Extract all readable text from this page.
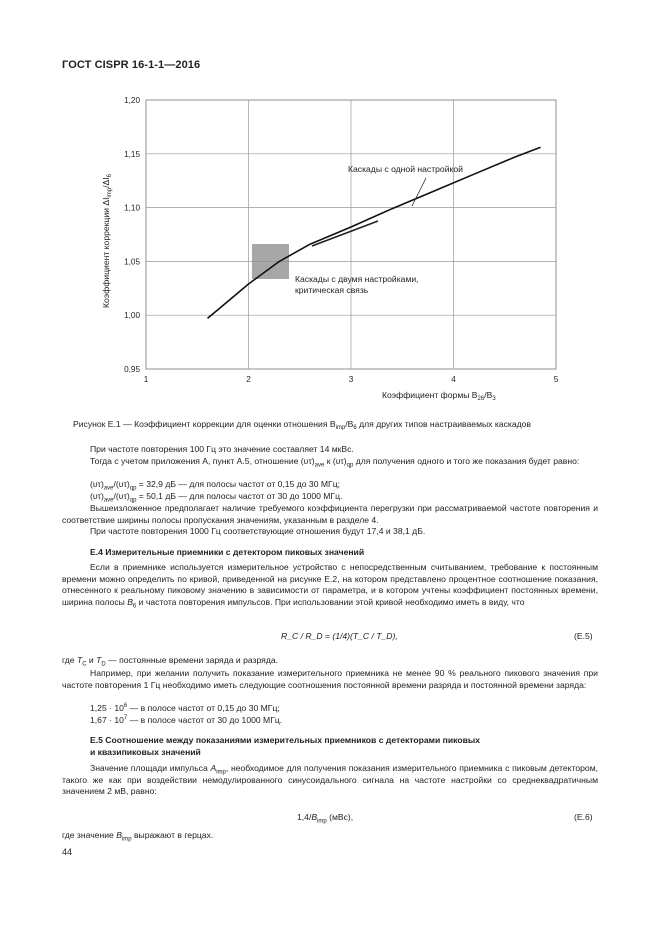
ГОСТ CISPR 16-1-1—2016
1	2	3	4	5
0,95
1,00
1,05
1,10
1,15
1,20
Каскады с одной настройкой
Каскады с двумя настройками,
критическая связь
Коэффициент формы $B_{26}/B_3$
Коэффициент коррекции $\Delta I_{imp}/\Delta I_6$
Рисунок E.1 — Коэффициент коррекции для оценки отношения $B_{imp}/B_6$ для других типов настраиваемых каскадов
При частоте повторения 100 Гц это значение составляет 14 мкВс.
Тогда с учетом приложения А, пункт А.5, отношение $(\upsilon\tau)_{ave}$ к $(\upsilon\tau)_{qp}$ для получения одного и того же показания будет равно:
$(\upsilon\tau)_{ave}/(\upsilon\tau)_{qp} = 32,9$ дБ — для полосы частот от 0,15 до 30 МГц;
$(\upsilon\tau)_{ave}/(\upsilon\tau)_{qp} = 50,1$ дБ — для полосы частот от 30 до 1000 МГц.
Вышеизложенное предполагает наличие требуемого коэффициента перегрузки при рассматриваемой частоте повторения и соответствие ширины полосы пропускания значениям, указанным в разделе 4.
При частоте повторения 1000 Гц соответствующие отношения будут 17,4 и 38,1 дБ.
E.4 Измерительные приемники с детектором пиковых значений
Если в приемнике используется измерительное устройство с непосредственным считыванием, требование к постоянным времени можно определить по кривой, приведенной на рисунке Е.2, на котором представлено процентное соотношение показания, отнесенного к реальному пиковому значению в зависимости от параметра, и в котором учтены коэффициент постоянных времени, ширина полосы $B_6$ и частота повторения импульсов. При использовании этой кривой необходимо иметь в виду, что
R_C / R_D = (1/4)(T_C / T_D),	(Е.5)
где $T_C$ и $T_D$ — постоянные времени заряда и разряда.
Например, при желании получить показание измерительного приемника не менее 90 % реального пикового значения при частоте повторения 1 Гц необходимо иметь следующие соотношения постоянной времени разряда и постоянной времени заряда:
$1,25 \cdot 10^6$ — в полосе частот от 0,15 до 30 МГц;
$1,67 \cdot 10^7$ — в полосе частот от 30 до 1000 МГц.
E.5 Соотношение между показаниями измерительных приемников с детекторами пиковых
и квазипиковых значений
Значение площади импульса $A_{imp}$, необходимое для получения показания измерительного приемника с пиковым детектором, такого же как при воздействии немодулированного синусоидального сигнала на частоте настройки со среднеквадратичным значением 2 мВ, равно:
$1,4/B_{imp}$ (мВс),	(Е.6)
где значение $B_{imp}$ выражают в герцах.
44
